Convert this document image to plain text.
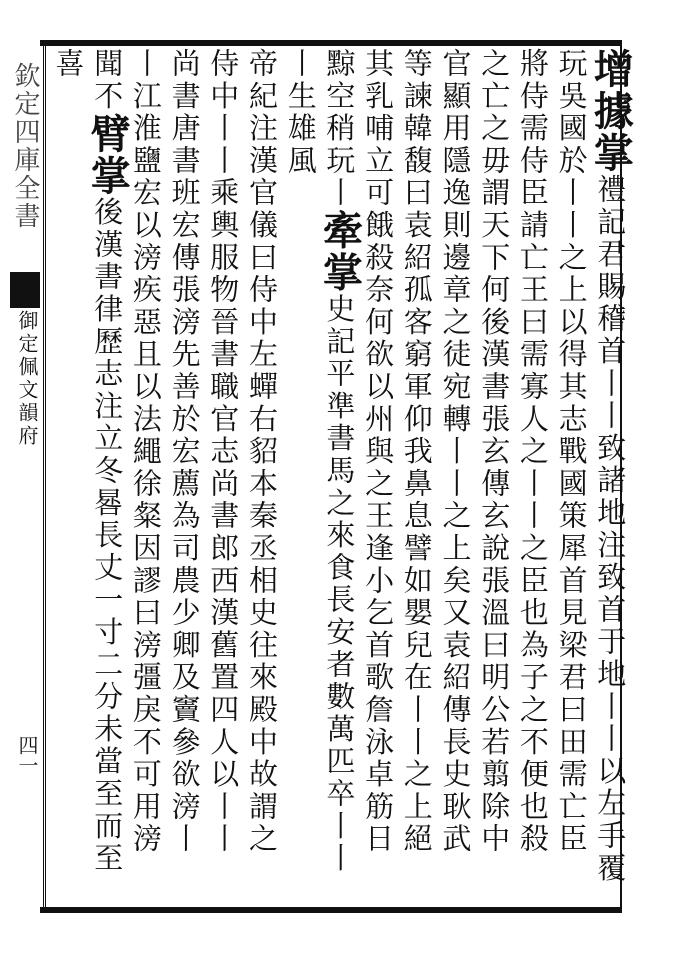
欽定四庫全書
御定佩文韻府
四一
增據掌禮記君賜稽首丨丨致諸地注致首于地丨丨以左手覆
玩吳國於丨丨之上以得其志戰國策犀首見梁君曰田需亡臣
將侍需侍臣請亡王曰需寡人之丨丨之臣也為子之不便也殺
之亡之毋謂天下何後漢書張玄傳玄說張溫曰明公若翦除中
官顯用隱逸則邊章之徒宛轉丨丨之上矣又袁紹傳長史耿武
等諫韓馥曰袁紹孤客窮軍仰我鼻息譬如嬰兒在丨丨之上絕
其乳哺立可餓殺奈何欲以州與之王逢小乞首歌詹泳卓筋日
黥空稍玩丨牽掌史記平準書馬之來食長安者數萬匹卒丨丨
丨生雄風
帝紀注漢官儀曰侍中左蟬右貂本秦丞相史往來殿中故謂之
侍中丨丨乘輿服物晉書職官志尚書郎西漢舊置四人以丨丨
尚書唐書班宏傳張滂先善於宏薦為司農少卿及竇參欲滂丨
丨江淮鹽宏以滂疾惡且以法繩徐粲因謬曰滂彊戾不可用滂
聞不臂掌後漢書律歷志注立冬晷長丈一寸二分未當至而至
喜
